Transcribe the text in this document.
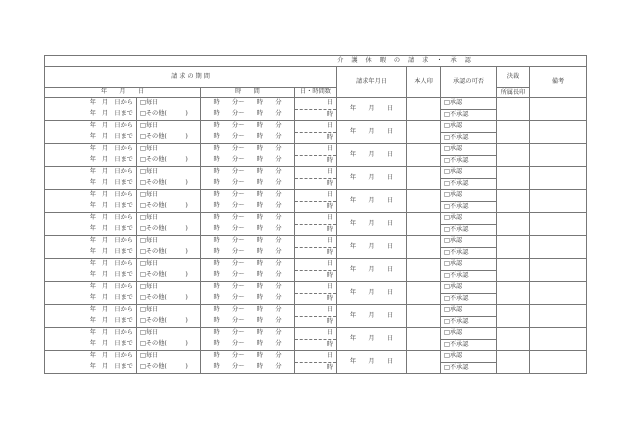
介 護 休 暇 の 請 求 ・ 承 認								
請 求 の 期 間				請求年月日	本人印	承認の可否	決裁	備考
年　　月　　日		時　　間	日・時間数				所属長印	
年　月　日から	□毎日	時　　分〜　　時　　分	日	年　　月　　日		□承認		
年　月　日まで	□その他(　　　)	時　　分〜　　時　　分	時			□不承認		
年　月　日から	□毎日	時　　分〜　　時　　分	日	年　　月　　日		□承認		
年　月　日まで	□その他(　　　)	時　　分〜　　時　　分	時			□不承認		
年　月　日から	□毎日	時　　分〜　　時　　分	日	年　　月　　日		□承認		
年　月　日まで	□その他(　　　)	時　　分〜　　時　　分	時			□不承認		
年　月　日から	□毎日	時　　分〜　　時　　分	日	年　　月　　日		□承認		
年　月　日まで	□その他(　　　)	時　　分〜　　時　　分	時			□不承認		
年　月　日から	□毎日	時　　分〜　　時　　分	日	年　　月　　日		□承認		
年　月　日まで	□その他(　　　)	時　　分〜　　時　　分	時			□不承認		
年　月　日から	□毎日	時　　分〜　　時　　分	日	年　　月　　日		□承認		
年　月　日まで	□その他(　　　)	時　　分〜　　時　　分	時			□不承認		
年　月　日から	□毎日	時　　分〜　　時　　分	日	年　　月　　日		□承認		
年　月　日まで	□その他(　　　)	時　　分〜　　時　　分	時			□不承認		
年　月　日から	□毎日	時　　分〜　　時　　分	日	年　　月　　日		□承認		
年　月　日まで	□その他(　　　)	時　　分〜　　時　　分	時			□不承認		
年　月　日から	□毎日	時　　分〜　　時　　分	日	年　　月　　日		□承認		
年　月　日まで	□その他(　　　)	時　　分〜　　時　　分	時			□不承認		
年　月　日から	□毎日	時　　分〜　　時　　分	日	年　　月　　日		□承認		
年　月　日まで	□その他(　　　)	時　　分〜　　時　　分	時			□不承認		
年　月　日から	□毎日	時　　分〜　　時　　分	日	年　　月　　日		□承認		
年　月　日まで	□その他(　　　)	時　　分〜　　時　　分	時			□不承認		
年　月　日から	□毎日	時　　分〜　　時　　分	日	年　　月　　日		□承認		
年　月　日まで	□その他(　　　)	時　　分〜　　時　　分	時			□不承認		
